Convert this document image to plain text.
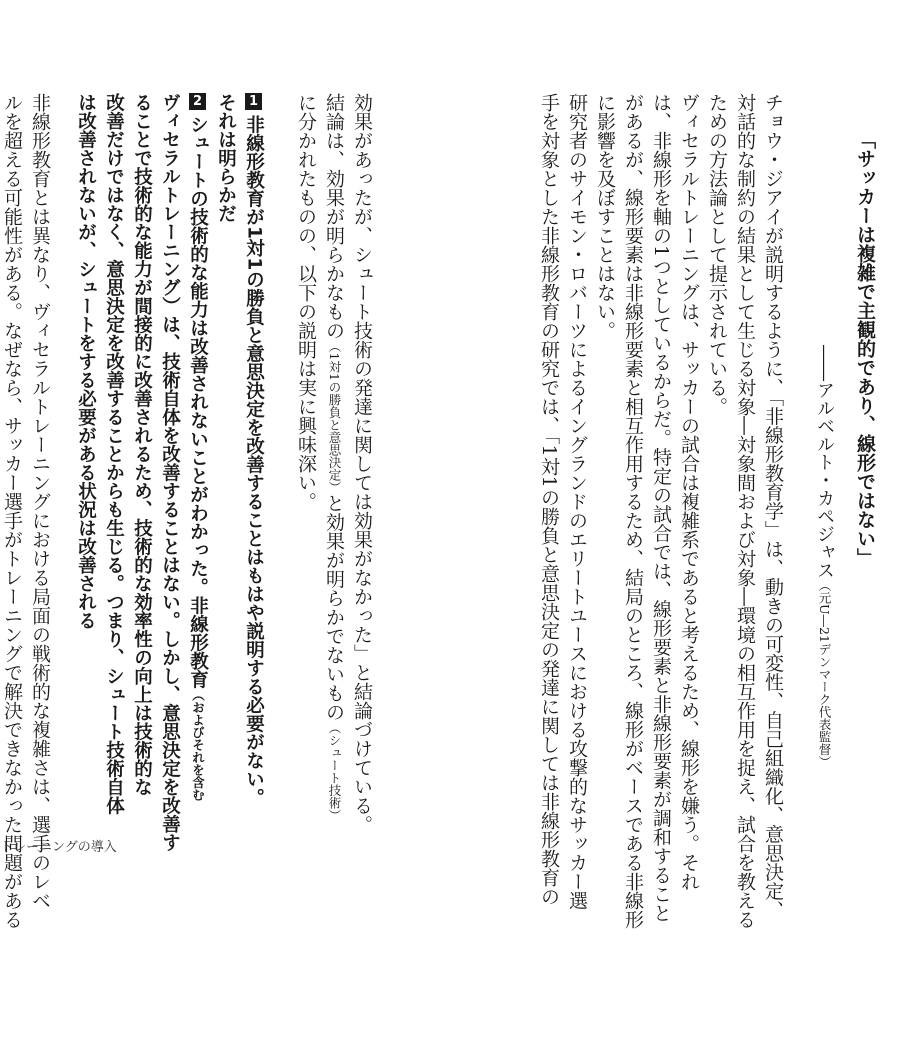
「サッカーは複雑で主観的であり、線形ではない」
――アルベルト・カペジャス（元U―21デンマーク代表監督）
チョウ・ジアイが説明するように、「非線形教育学」は、動きの可変性、自己組織化、意思決定、
対話的な制約の結果として生じる対象―対象間および対象―環境の相互作用を捉え、試合を教える
ための方法論として提示されている。
ヴィセラルトレーニングは、サッカーの試合は複雑系であると考えるため、線形を嫌う。それ
は、非線形を軸の1つとしているからだ。特定の試合では、線形要素と非線形要素が調和すること
があるが、線形要素は非線形要素と相互作用するため、結局のところ、線形がベースである非線形
に影響を及ぼすことはない。
研究者のサイモン・ロバーツによるイングランドのエリートユースにおける攻撃的なサッカー選
手を対象とした非線形教育の研究では、「1対1の勝負と意思決定の発達に関しては非線形教育の
効果があったが、シュート技術の発達に関しては効果がなかった」と結論づけている。
結論は、効果が明らかなもの（1対1の勝負と意思決定）と効果が明らかでないもの（シュート技術）
に分かれたものの、以下の説明は実に興味深い。
1非線形教育が1対1の勝負と意思決定を改善することはもはや説明する必要がない。
それは明らかだ
2シュートの技術的な能力は改善されないことがわかった。非線形教育（およびそれを含む
ヴィセラルトレーニング）は、技術自体を改善することはない。しかし、意思決定を改善す
ることで技術的な能力が間接的に改善されるため、技術的な効率性の向上は技術的な
改善だけではなく、意思決定を改善することからも生じる。つまり、シュート技術自体
は改善されないが、シュートをする必要がある状況は改善される
非線形教育とは異なり、ヴィセラルトレーニングにおける局面の戦術的な複雑さは、選手のレベ
ルを超える可能性がある。なぜなら、サッカー選手がトレーニングで解決できなかった問題がある
トレーニングの導入
